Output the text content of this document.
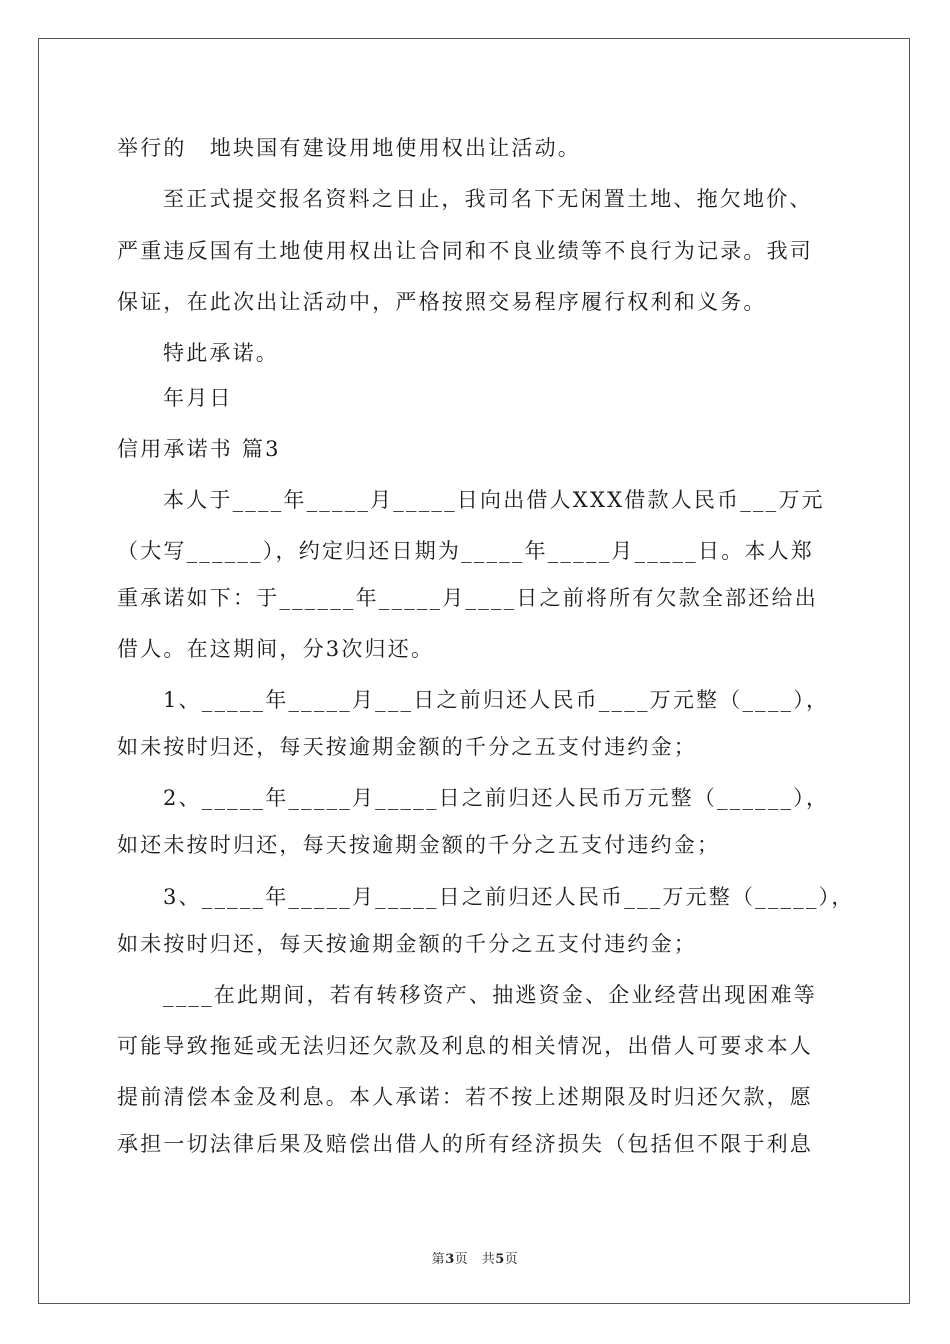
举行的　地块国有建设用地使用权出让活动。
至正式提交报名资料之日止，我司名下无闲置土地、拖欠地价、
严重违反国有土地使用权出让合同和不良业绩等不良行为记录。我司
保证，在此次出让活动中，严格按照交易程序履行权利和义务。
特此承诺。
年月日
信用承诺书 篇3
本人于____年_____月_____日向出借人XXX借款人民币___万元
（大写______），约定归还日期为_____年_____月_____日。本人郑
重承诺如下：于______年_____月____日之前将所有欠款全部还给出
借人。在这期间，分3次归还。
1、_____年_____月___日之前归还人民币____万元整（____），
如未按时归还，每天按逾期金额的千分之五支付违约金；
2、_____年_____月_____日之前归还人民币万元整（______），
如还未按时归还，每天按逾期金额的千分之五支付违约金；
3、_____年_____月_____日之前归还人民币___万元整（_____），
如未按时归还，每天按逾期金额的千分之五支付违约金；
____在此期间，若有转移资产、抽逃资金、企业经营出现困难等
可能导致拖延或无法归还欠款及利息的相关情况，出借人可要求本人
提前清偿本金及利息。本人承诺：若不按上述期限及时归还欠款，愿
承担一切法律后果及赔偿出借人的所有经济损失（包括但不限于利息
第3页　共5页
